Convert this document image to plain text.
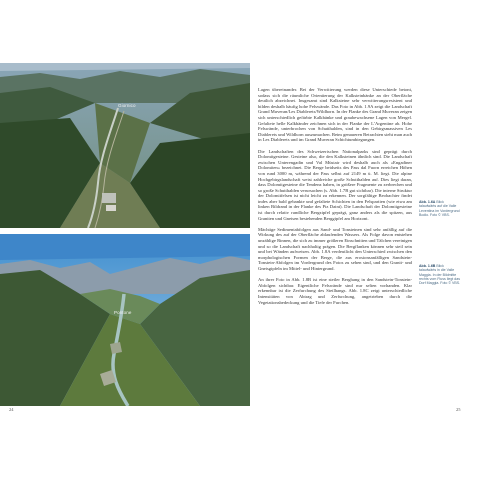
Giornico
Pontone

Lagen übereinander. Bei der Verwitterung werden diese Unterschiede betont, sodass sich die räumliche Orientierung der Kalksteinbänke an der Oberfläche deutlich abzeichnet. Insgesamt sind Kalksteine sehr verwitterungsresistent und bilden deshalb häufig hohe Felswände. Das Foto in Abb. 1.9A zeigt die Landschaft Grand Muveran/Les Diablerets/Wildhorn. In der Flanke des Grand Muveran zeigen sich unterschiedlich gefärbte Kalkbänke und graubewachsene Lagen von Mergel. Gefaltete helle Kalkbänder zeichnen sich in der Flanke der L’Argentine ab. Hohe Felswände, unterbrochen von Schutthalden, sind in den Gebirgsmassiven Les Diablerets und Wildhorn auszumachen. Beim genaueren Betrachten sieht man auch in Les Diablerets und im Grand Muveran Schichtumbiegungen.

Die Landschaften des Schweizerischen Nationalparks sind geprägt durch Dolomitgesteine. Gesteine also, die den Kalksteinen ähnlich sind. Die Landschaft zwischen Unterengadin und Val Müstair wird deshalb auch als «Engadiner Dolomiten» bezeichnet. Die Berge beidseits des Pass dal Fuorn erreichen Höhen von rund 3000 m, während der Pass selbst auf 2149 m ü. M. liegt. Die alpine Hochgebirgslandschaft weist zahlreiche große Schutthalden auf. Dies liegt daran, dass Dolomitgesteine die Tendenz haben, in größere Fragmente zu zerbrechen und so große Schutthalden verursachen (s. Abb. 1.7B gut sichtbar). Die interne Struktur der Dolomitfelsen ist nicht leicht zu erkennen. Der sorgfältige Beobachter findet indes aber bald gebankte und gefaltete Schichten in den Felspartien (wie etwa am linken Bildrand in der Flanke des Piz Daint). Die Landschaft der Dolomitgesteine ist durch relativ rundliche Bergzipfel geprägt, ganz anders als die spitzen, aus Graniten und Gneisen bestehenden Berggipfel am Horizont.

Mächtige Sedimentabfolgen aus Sand- und Tonsteinen sind sehr anfällig auf die Wirkung des auf der Oberfläche ablaufenden Wassers. Als Folge davon entstehen unzählige Rinnen, die sich zu immer größeren Einschnitten und Tälchen vereinigen und so die Landschaft nachhaltig prägen. Die Bergflanken können sehr steil sein und bei Wänden aufweisen. Abb. 1.8A verdeutlicht den Unterschied zwischen den morphologischen Formen der Berge, die aus erosionsanfälligen Sandstein-Tonstein-Abfolgen im Vordergrund des Fotos zu sehen sind, und den Granit- und Gneisgipfeln im Mittel- und Hintergrund.

An ihrer Foto in Abb. 1.8B ist eine steiler Berghang in den Sandstein-Tonstein-Abfolgen sichtbar. Eigentliche Felswände sind nur selten vorhanden. Klar erkennbar ist die Zerfurchung des Steilhangs. Abb. 1.8C zeigt unterschiedliche Intensitäten von Abtrag und Zerfurchung, angetrieben durch die Vegetationsbedeckung und die Tiefe der Furchen.

Abb. 1.6A Blick talaufwärts auf die Valle Leventina im Vordergrund Bodio. Foto © VBS.
Abb. 1.6B Blick talaufwärts in die Valle Maggia. In der Bildmitte rechts vom Fluss liegt das Dorf Maggia. Foto © VBS.
24	25
